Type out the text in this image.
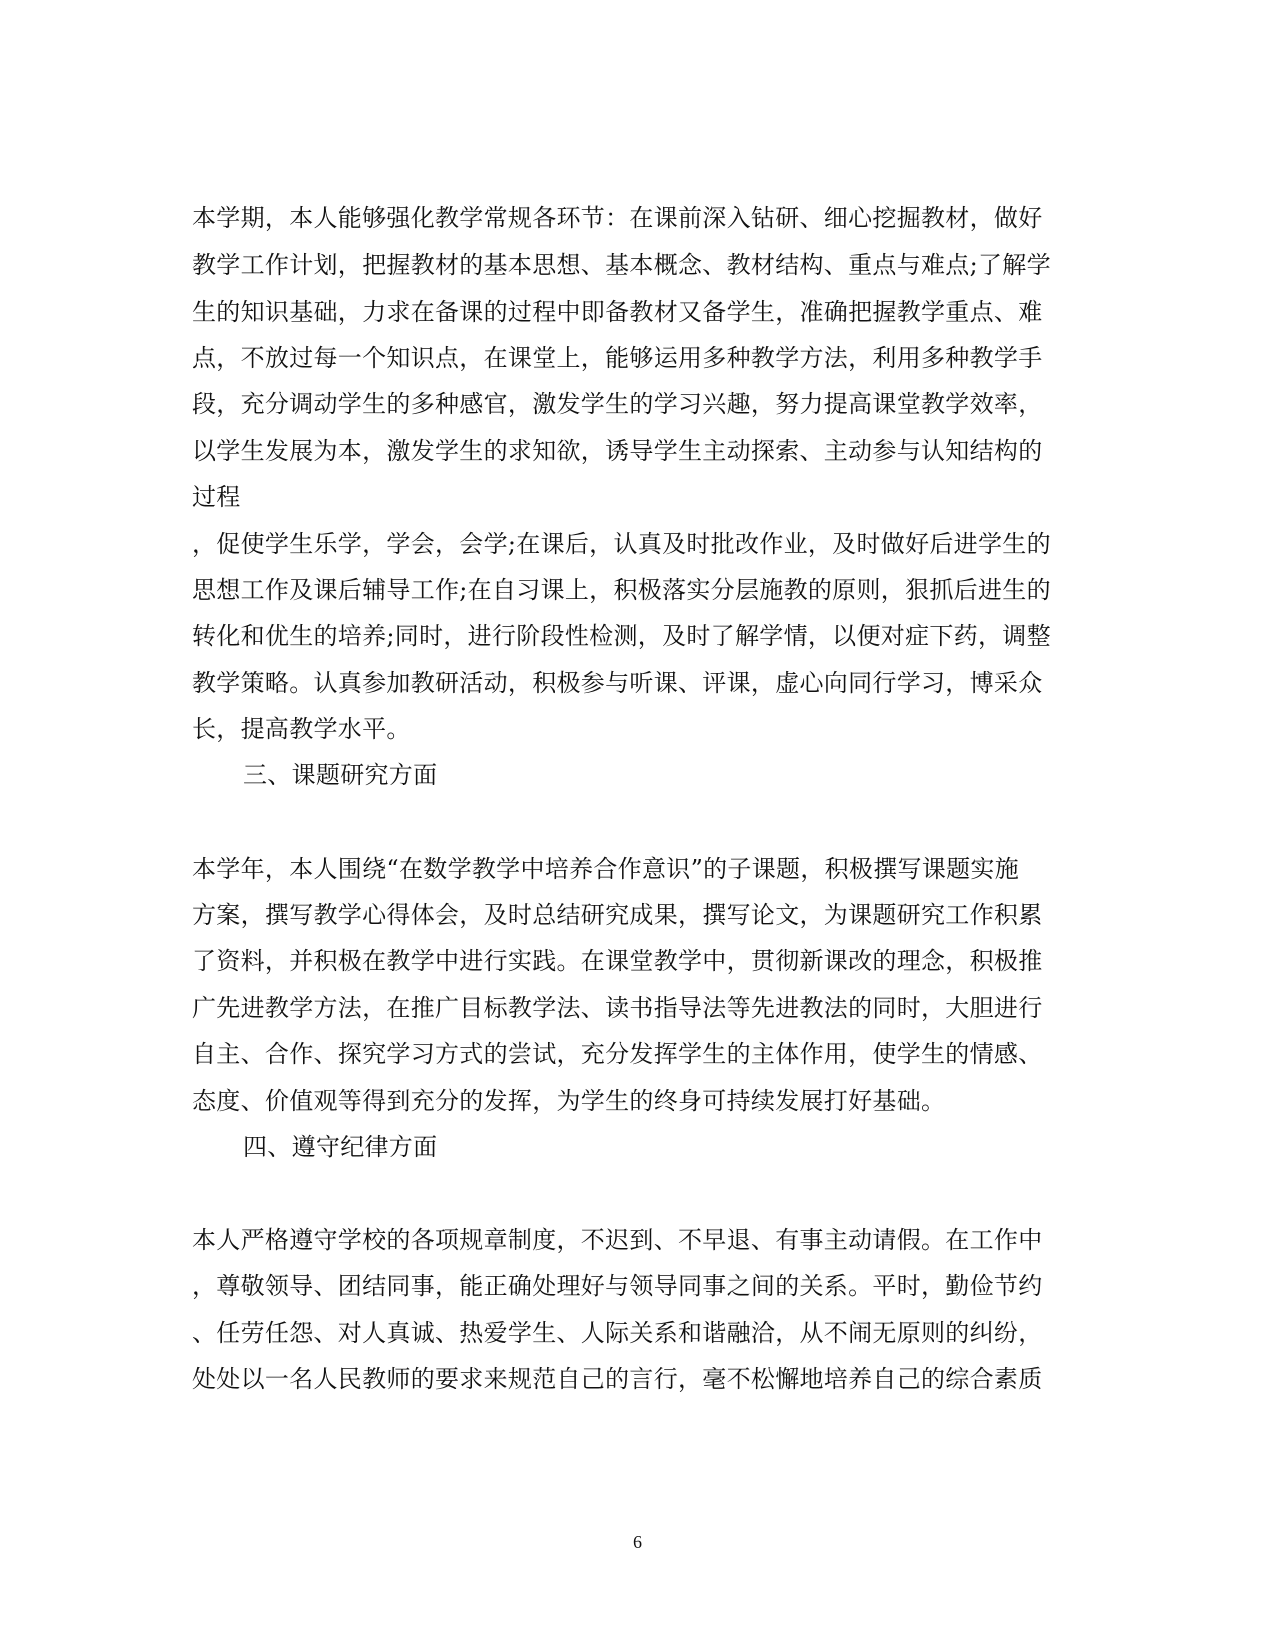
本学期，本人能够强化教学常规各环节：在课前深入钻研、细心挖掘教材，做好
教学工作计划，把握教材的基本思想、基本概念、教材结构、重点与难点;了解学
生的知识基础，力求在备课的过程中即备教材又备学生，准确把握教学重点、难
点，不放过每一个知识点，在课堂上，能够运用多种教学方法，利用多种教学手
段，充分调动学生的多种感官，激发学生的学习兴趣，努力提高课堂教学效率，
以学生发展为本，激发学生的求知欲，诱导学生主动探索、主动参与认知结构的
过程
，促使学生乐学，学会，会学;在课后，认真及时批改作业，及时做好后进学生的
思想工作及课后辅导工作;在自习课上，积极落实分层施教的原则，狠抓后进生的
转化和优生的培养;同时，进行阶段性检测，及时了解学情，以便对症下药，调整
教学策略。认真参加教研活动，积极参与听课、评课，虚心向同行学习，博采众
长，提高教学水平。
三、课题研究方面
本学年，本人围绕“在数学教学中培养合作意识”的子课题，积极撰写课题实施
方案，撰写教学心得体会，及时总结研究成果，撰写论文，为课题研究工作积累
了资料，并积极在教学中进行实践。在课堂教学中，贯彻新课改的理念，积极推
广先进教学方法，在推广目标教学法、读书指导法等先进教法的同时，大胆进行
自主、合作、探究学习方式的尝试，充分发挥学生的主体作用，使学生的情感、
态度、价值观等得到充分的发挥，为学生的终身可持续发展打好基础。
四、遵守纪律方面
本人严格遵守学校的各项规章制度，不迟到、不早退、有事主动请假。在工作中
，尊敬领导、团结同事，能正确处理好与领导同事之间的关系。平时，勤俭节约
、任劳任怨、对人真诚、热爱学生、人际关系和谐融洽，从不闹无原则的纠纷，
处处以一名人民教师的要求来规范自己的言行，毫不松懈地培养自己的综合素质
6
